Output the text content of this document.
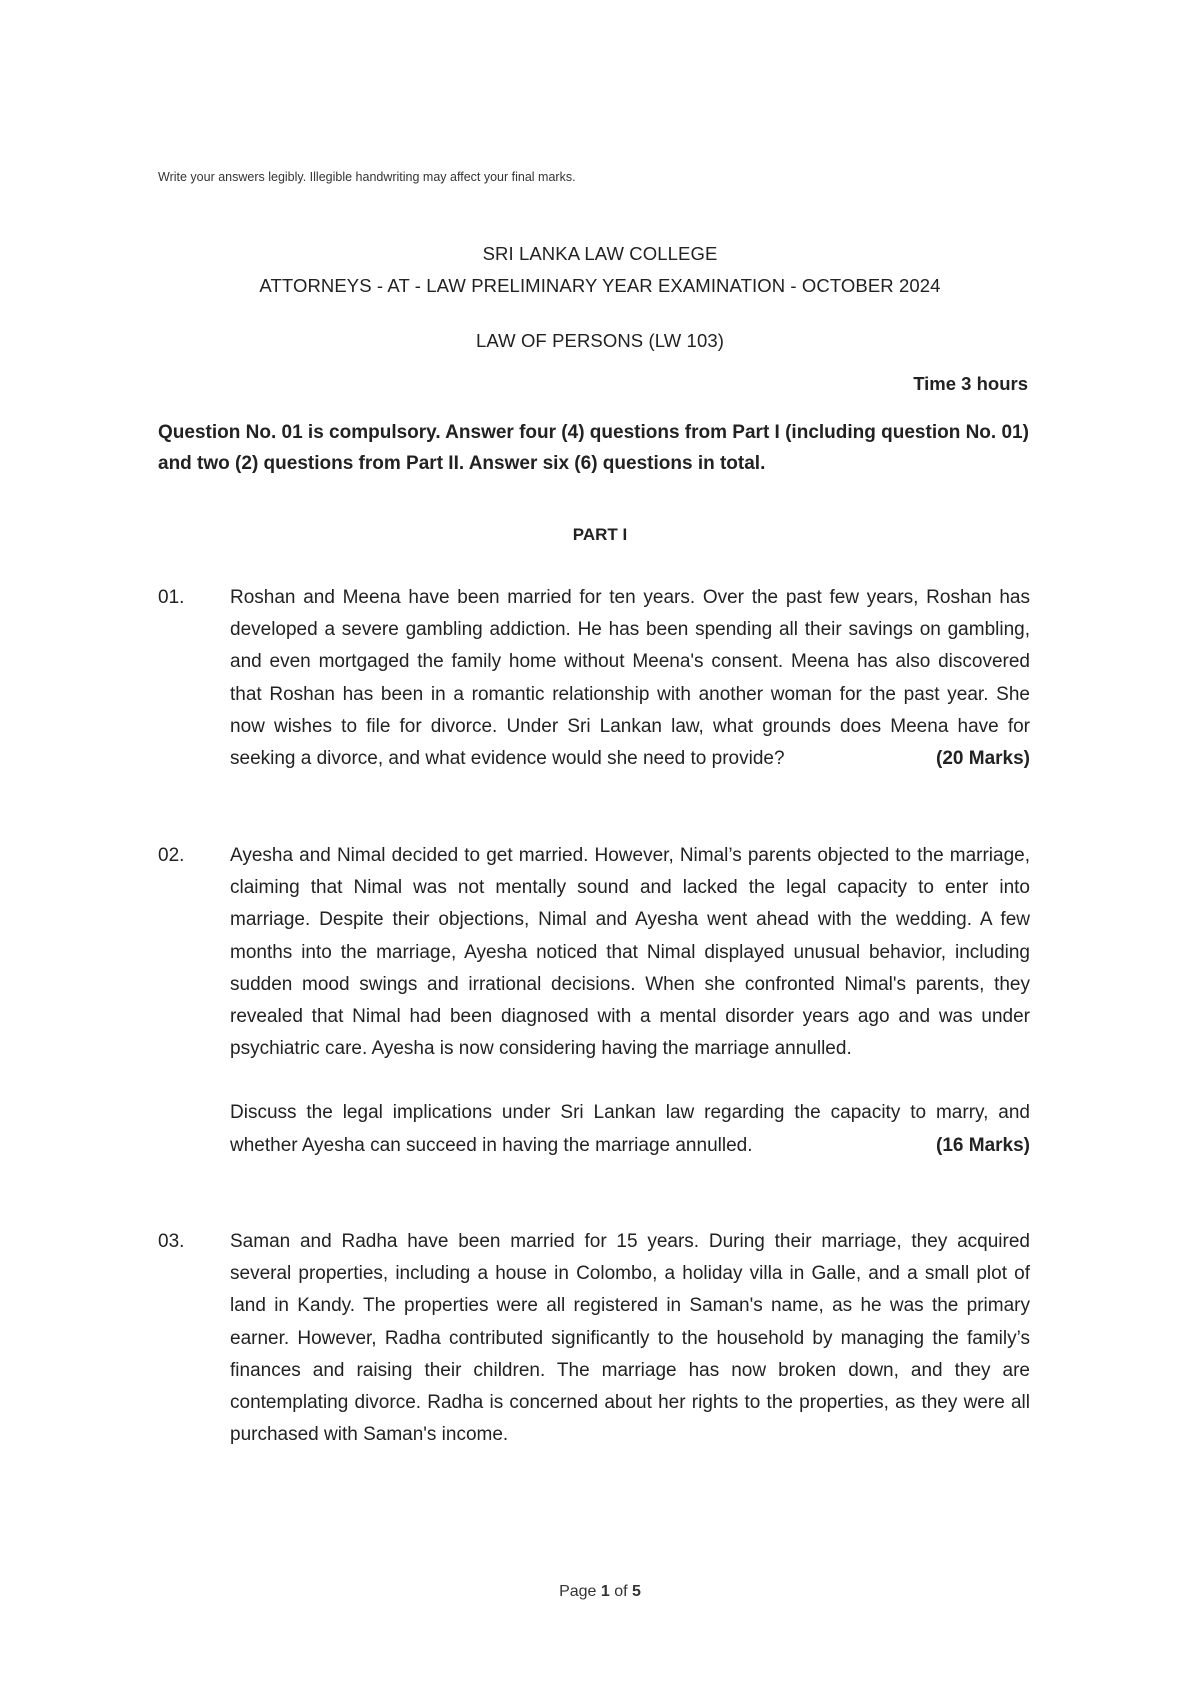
Write your answers legibly. Illegible handwriting may affect your final marks.
SRI LANKA LAW COLLEGE
ATTORNEYS - AT - LAW PRELIMINARY YEAR EXAMINATION - OCTOBER 2024
LAW OF PERSONS (LW 103)
Time 3 hours
Question No. 01 is compulsory. Answer four (4) questions from Part I (including question No. 01) and two (2) questions from Part II. Answer six (6) questions in total.
PART I
01.	Roshan and Meena have been married for ten years. Over the past few years, Roshan has developed a severe gambling addiction. He has been spending all their savings on gambling, and even mortgaged the family home without Meena's consent. Meena has also discovered that Roshan has been in a romantic relationship with another woman for the past year. She now wishes to file for divorce. Under Sri Lankan law, what grounds does Meena have for seeking a divorce, and what evidence would she need to provide?	(20 Marks)

02.	Ayesha and Nimal decided to get married. However, Nimal’s parents objected to the marriage, claiming that Nimal was not mentally sound and lacked the legal capacity to enter into marriage. Despite their objections, Nimal and Ayesha went ahead with the wedding. A few months into the marriage, Ayesha noticed that Nimal displayed unusual behavior, including sudden mood swings and irrational decisions. When she confronted Nimal's parents, they revealed that Nimal had been diagnosed with a mental disorder years ago and was under psychiatric care. Ayesha is now considering having the marriage annulled.

Discuss the legal implications under Sri Lankan law regarding the capacity to marry, and whether Ayesha can succeed in having the marriage annulled.	(16 Marks)

03.	Saman and Radha have been married for 15 years. During their marriage, they acquired several properties, including a house in Colombo, a holiday villa in Galle, and a small plot of land in Kandy. The properties were all registered in Saman's name, as he was the primary earner. However, Radha contributed significantly to the household by managing the family’s finances and raising their children. The marriage has now broken down, and they are contemplating divorce. Radha is concerned about her rights to the properties, as they were all purchased with Saman's income.

Page 1 of 5
